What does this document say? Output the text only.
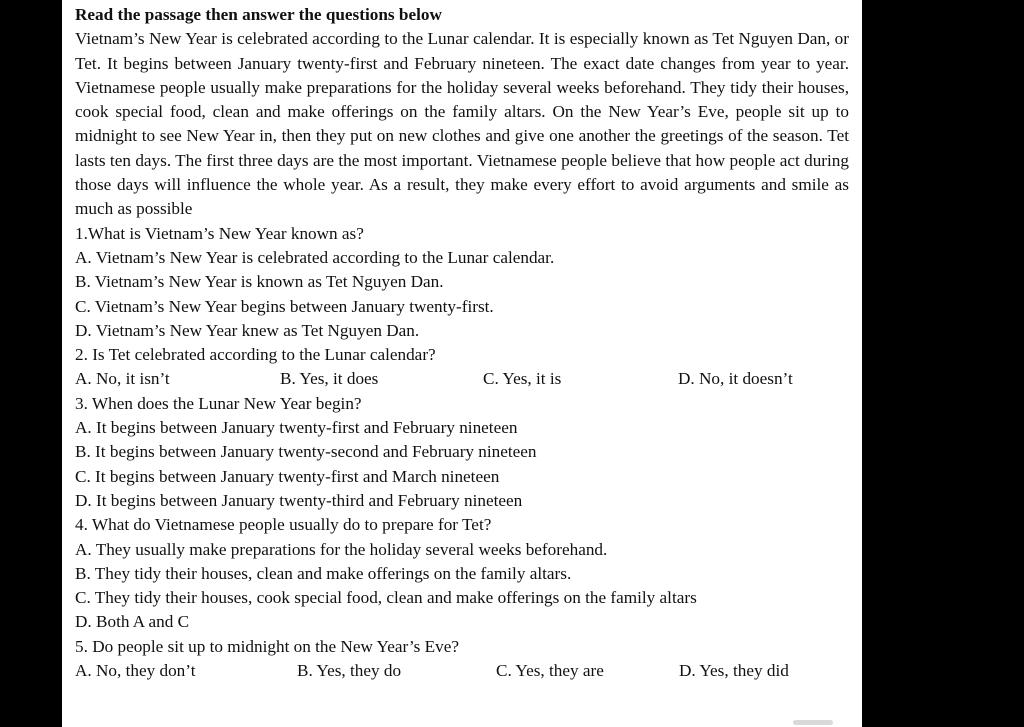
Read the passage then answer the questions below
Vietnam’s New Year is celebrated according to the Lunar calendar. It is especially known as Tet Nguyen Dan, or Tet. It begins between January twenty-first and February nineteen. The exact date changes from year to year. Vietnamese people usually make preparations for the holiday several weeks beforehand. They tidy their houses, cook special food, clean and make offerings on the family altars. On the New Year’s Eve, people sit up to midnight to see New Year in, then they put on new clothes and give one another the greetings of the season. Tet lasts ten days. The first three days are the most important. Vietnamese people believe that how people act during those days will influence the whole year. As a result, they make every effort to avoid arguments and smile as much as possible
1.What is Vietnam’s New Year known as?
A. Vietnam’s New Year is celebrated according to the Lunar calendar.
B. Vietnam’s New Year is known as Tet Nguyen Dan.
C. Vietnam’s New Year begins between January twenty-first.
D. Vietnam’s New Year knew as Tet Nguyen Dan.
2. Is Tet celebrated according to the Lunar calendar?
A. No, it isn’t	B. Yes, it does	C. Yes, it is	D. No, it doesn’t
3. When does the Lunar New Year begin?
A. It begins between January twenty-first and February nineteen
B. It begins between January twenty-second and February nineteen
C. It begins between January twenty-first and March nineteen
D. It begins between January twenty-third and February nineteen
4. What do Vietnamese people usually do to prepare for Tet?
A. They usually make preparations for the holiday several weeks beforehand.
B. They tidy their houses, clean and make offerings on the family altars.
C. They tidy their houses, cook special food, clean and make offerings on the family altars
D. Both A and C
5. Do people sit up to midnight on the New Year’s Eve?
A. No, they don’t	B. Yes, they do	C. Yes, they are	D. Yes, they did
